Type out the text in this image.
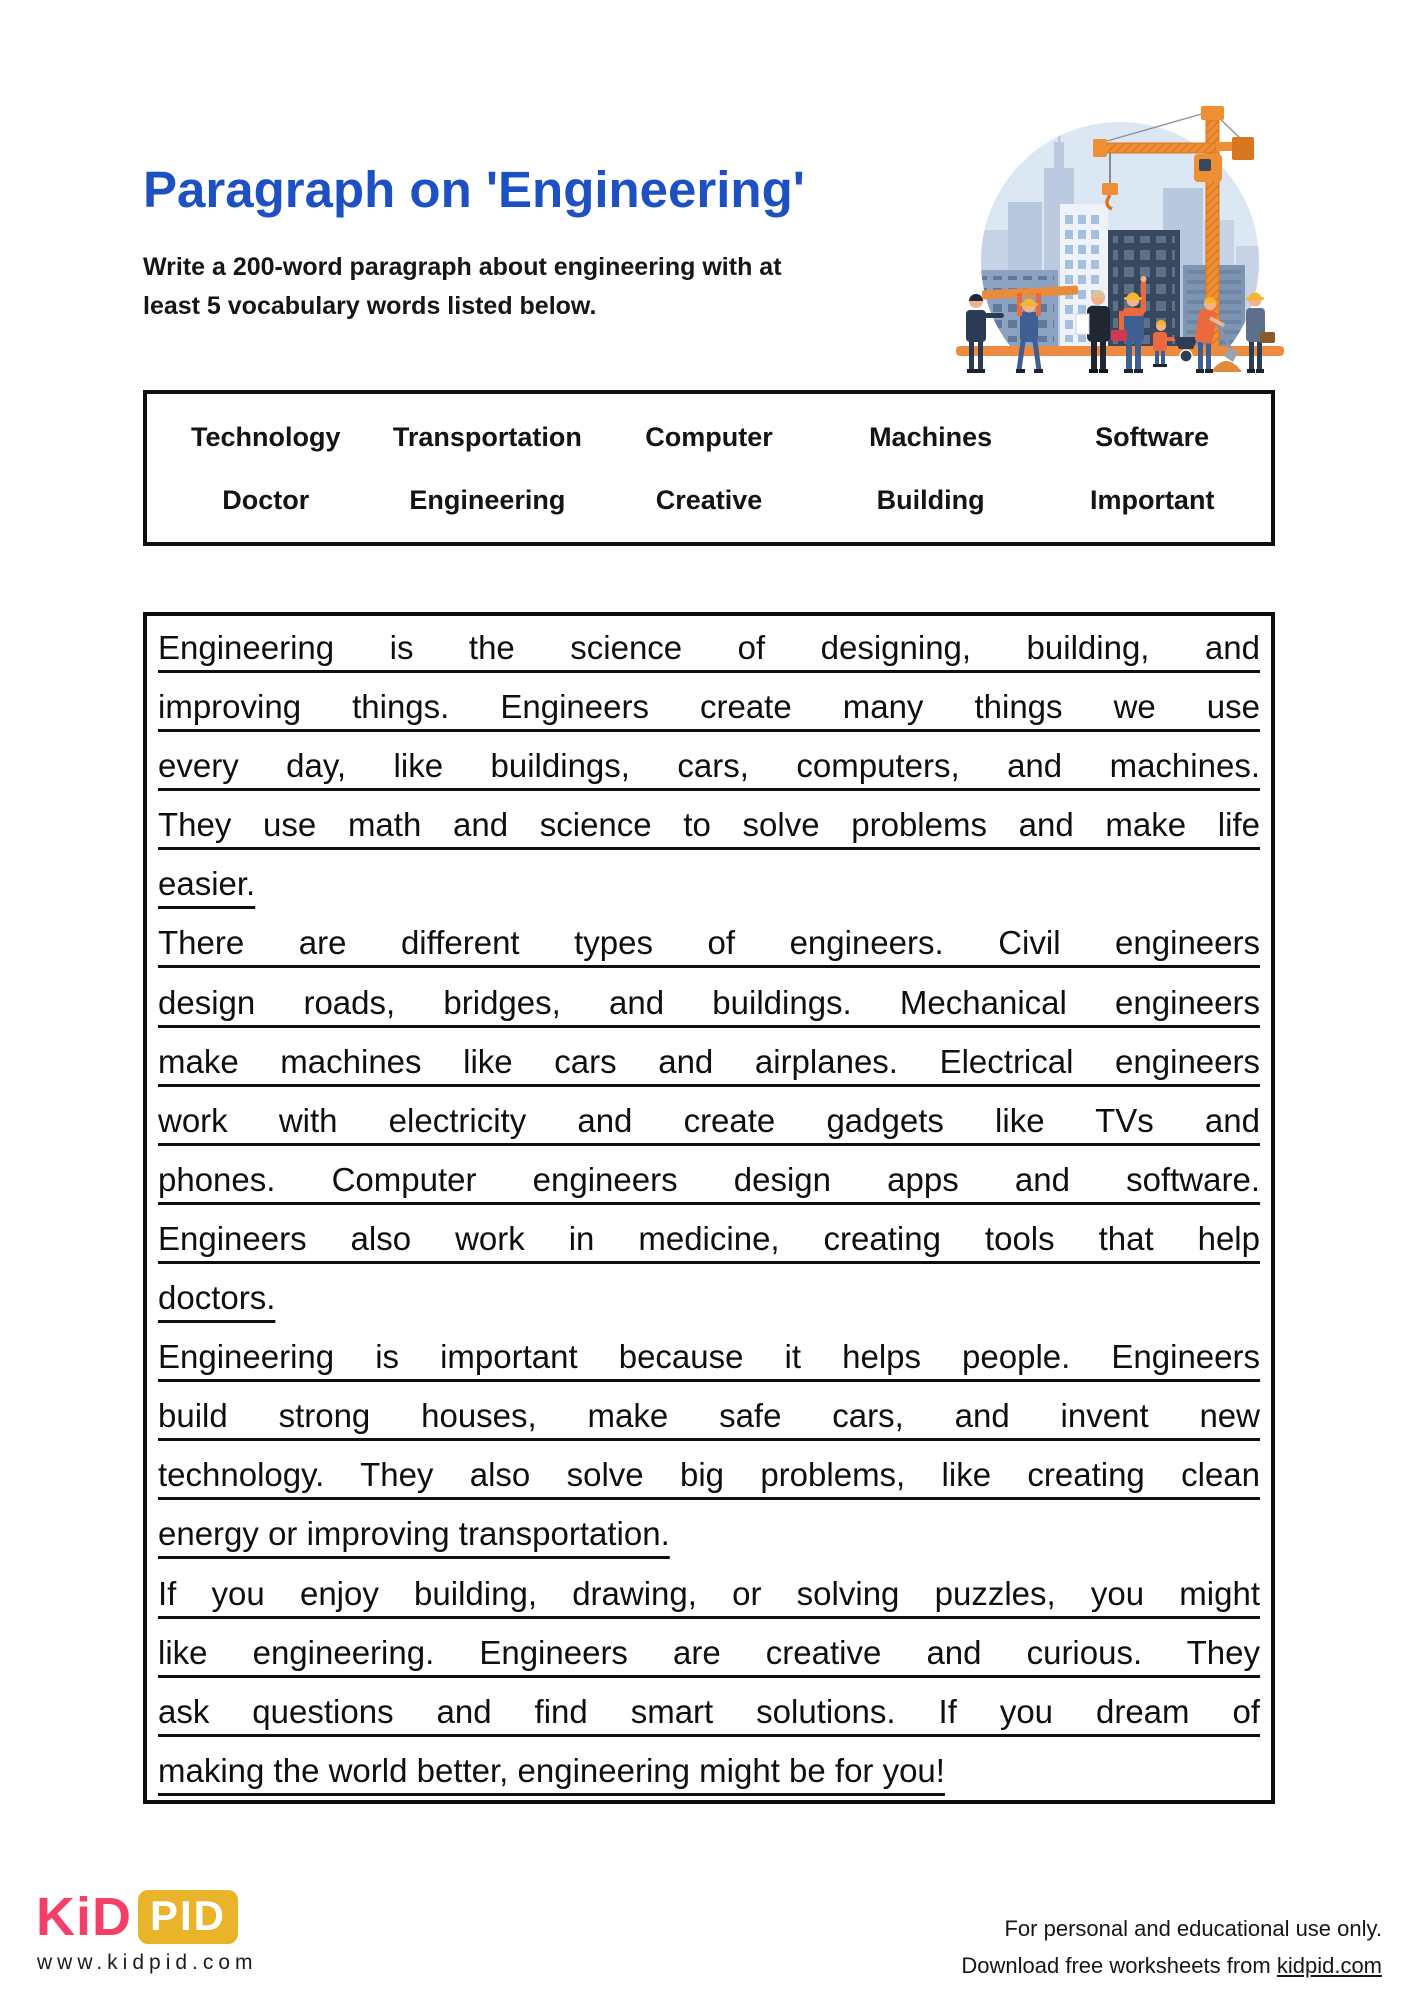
Paragraph on 'Engineering'
Write a 200-word paragraph about engineering with at
least 5 vocabulary words listed below.
Technology	Transportation	Computer	Machines	Software
Doctor	Engineering	Creative	Building	Important
Engineering is the science of designing, building, and
improving things. Engineers create many things we use
every day, like buildings, cars, computers, and machines.
They use math and science to solve problems and make life
easier.
There are different types of engineers. Civil engineers
design roads, bridges, and buildings. Mechanical engineers
make machines like cars and airplanes. Electrical engineers
work with electricity and create gadgets like TVs and
phones. Computer engineers design apps and software.
Engineers also work in medicine, creating tools that help
doctors.
Engineering is important because it helps people. Engineers
build strong houses, make safe cars, and invent new
technology. They also solve big problems, like creating clean
energy or improving transportation.
If you enjoy building, drawing, or solving puzzles, you might
like engineering. Engineers are creative and curious. They
ask questions and find smart solutions. If you dream of
making the world better, engineering might be for you!
KiD PID
www.kidpid.com
For personal and educational use only.
Download free worksheets from kidpid.com
